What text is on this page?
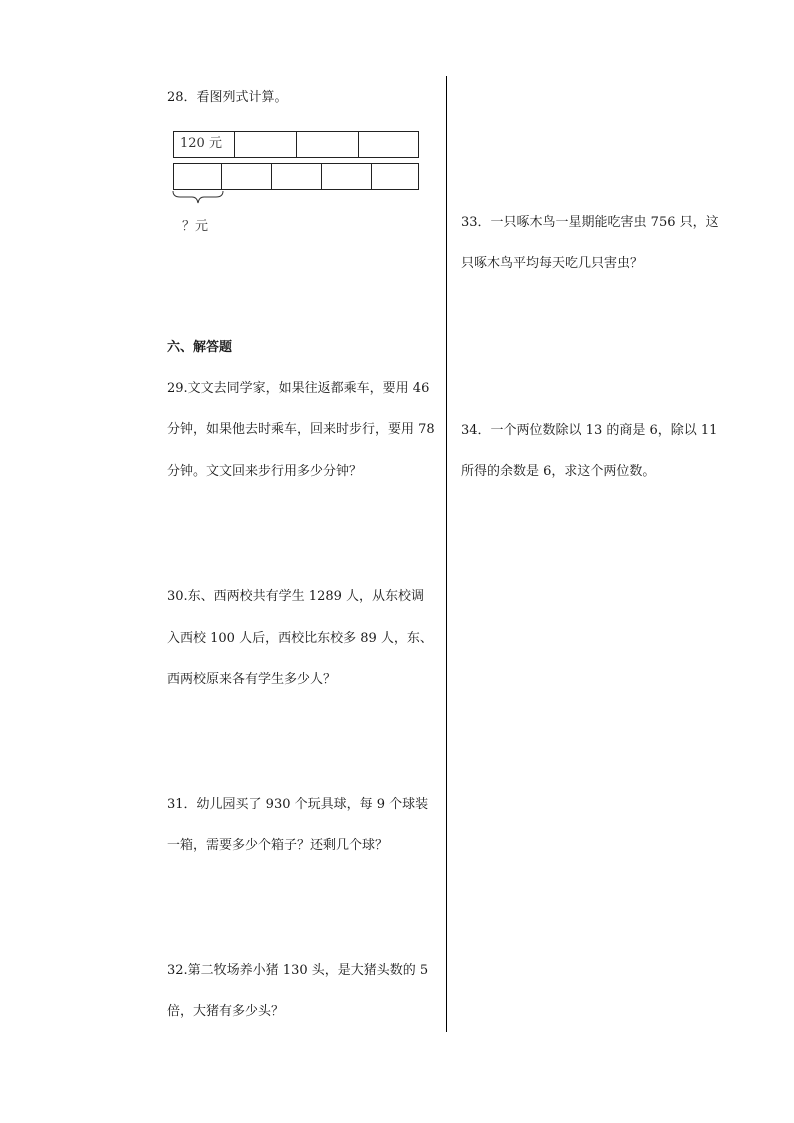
28．看图列式计算。
120 元
？元
六、解答题
29.文文去同学家，如果往返都乘车，要用 46
分钟，如果他去时乘车，回来时步行，要用 78
分钟。文文回来步行用多少分钟？
30.东、西两校共有学生 1289 人，从东校调
入西校 100 人后，西校比东校多 89 人，东、
西两校原来各有学生多少人？
31．幼儿园买了 930 个玩具球，每 9 个球装
一箱，需要多少个箱子？还剩几个球？
32.第二牧场养小猪 130 头，是大猪头数的 5
倍，大猪有多少头？
33．一只啄木鸟一星期能吃害虫 756 只，这
只啄木鸟平均每天吃几只害虫？
34．一个两位数除以 13 的商是 6，除以 11
所得的余数是 6，求这个两位数。
